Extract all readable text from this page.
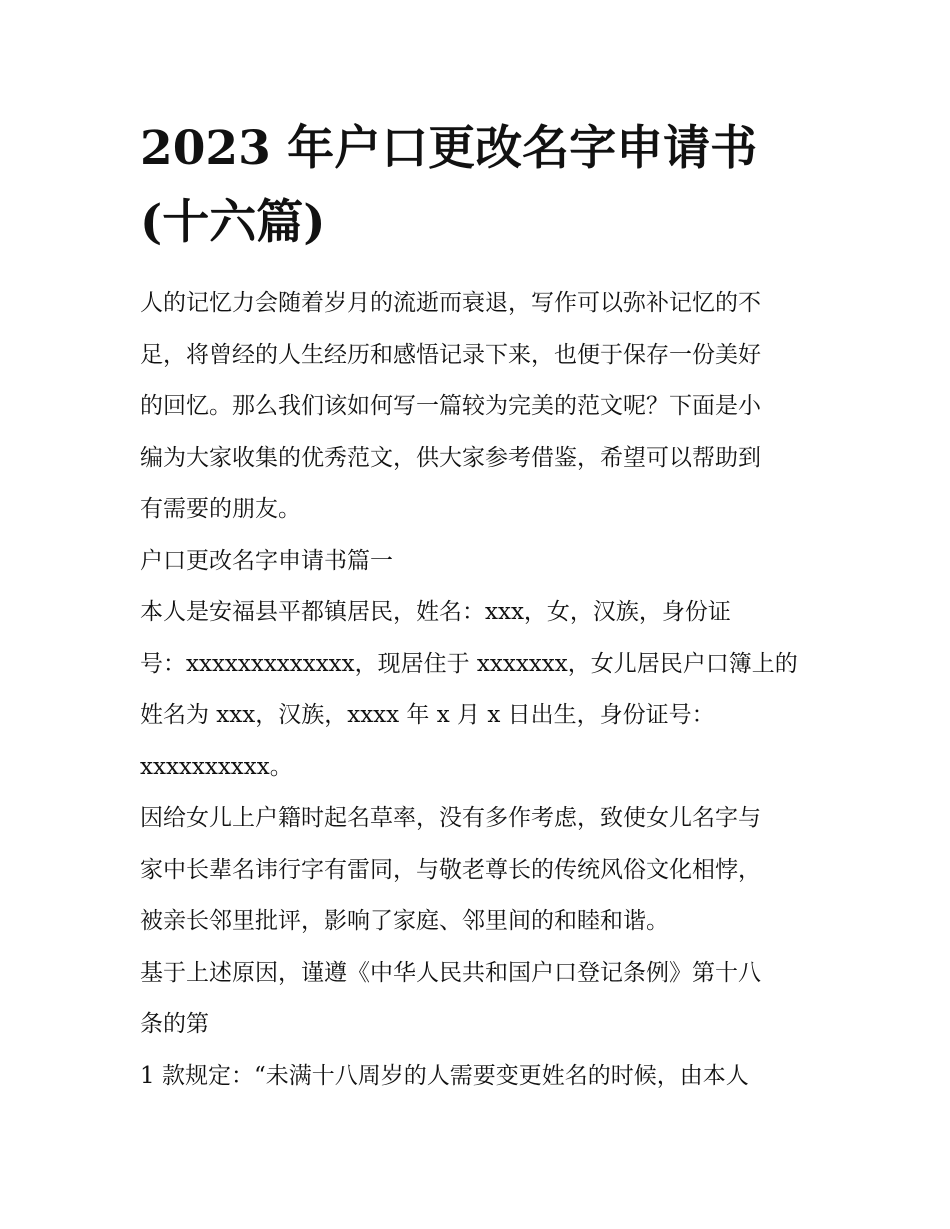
2023 年户口更改名字申请书
(十六篇)

人的记忆力会随着岁月的流逝而衰退，写作可以弥补记忆的不
足，将曾经的人生经历和感悟记录下来，也便于保存一份美好
的回忆。那么我们该如何写一篇较为完美的范文呢？下面是小
编为大家收集的优秀范文，供大家参考借鉴，希望可以帮助到
有需要的朋友。

户口更改名字申请书篇一

本人是安福县平都镇居民，姓名：xxx，女，汉族，身份证
号：xxxxxxxxxxxxx，现居住于 xxxxxxx，女儿居民户口簿上的
姓名为 xxx，汉族，xxxx 年 x 月 x 日出生，身份证号：
xxxxxxxxxx。

因给女儿上户籍时起名草率，没有多作考虑，致使女儿名字与
家中长辈名讳行字有雷同，与敬老尊长的传统风俗文化相悖，
被亲长邻里批评，影响了家庭、邻里间的和睦和谐。

基于上述原因，谨遵《中华人民共和国户口登记条例》第十八
条的第

1 款规定：“未满十八周岁的人需要变更姓名的时候，由本人
